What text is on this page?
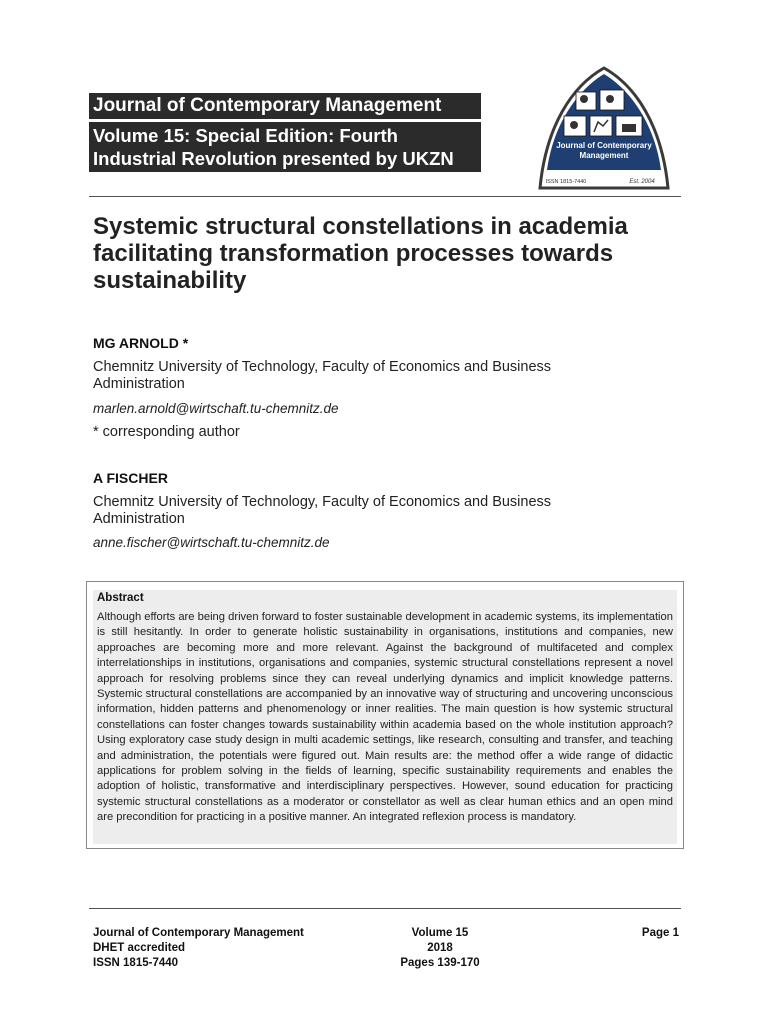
Journal of Contemporary Management
Volume 15: Special Edition: Fourth Industrial Revolution presented by UKZN
Journal of Contemporary
Management
ISSN 1815-7440	Est. 2004
Systemic structural constellations in academia facilitating transformation processes towards sustainability
MG ARNOLD *
Chemnitz University of Technology, Faculty of Economics and Business Administration
marlen.arnold@wirtschaft.tu-chemnitz.de
* corresponding author
A FISCHER
Chemnitz University of Technology, Faculty of Economics and Business Administration
anne.fischer@wirtschaft.tu-chemnitz.de
Abstract

Although efforts are being driven forward to foster sustainable development in academic systems, its implementation is still hesitantly. In order to generate holistic sustainability in organisations, institutions and companies, new approaches are becoming more and more relevant. Against the background of multifaceted and complex interrelationships in institutions, organisations and companies, systemic structural constellations represent a novel approach for resolving problems since they can reveal underlying dynamics and implicit knowledge patterns. Systemic structural constellations are accompanied by an innovative way of structuring and uncovering unconscious information, hidden patterns and phenomenology or inner realities. The main question is how systemic structural constellations can foster changes towards sustainability within academia based on the whole institution approach? Using exploratory case study design in multi academic settings, like research, consulting and transfer, and teaching and administration, the potentials were figured out. Main results are: the method offer a wide range of didactic applications for problem solving in the fields of learning, specific sustainability requirements and enables the adoption of holistic, transformative and interdisciplinary perspectives. However, sound education for practicing systemic structural constellations as a moderator or constellator as well as clear human ethics and an open mind are precondition for practicing in a positive manner. An integrated reflexion process is mandatory.

Journal of Contemporary Management
DHET accredited
ISSN 1815-7440
Volume 15
2018
Pages 139-170
Page 1
